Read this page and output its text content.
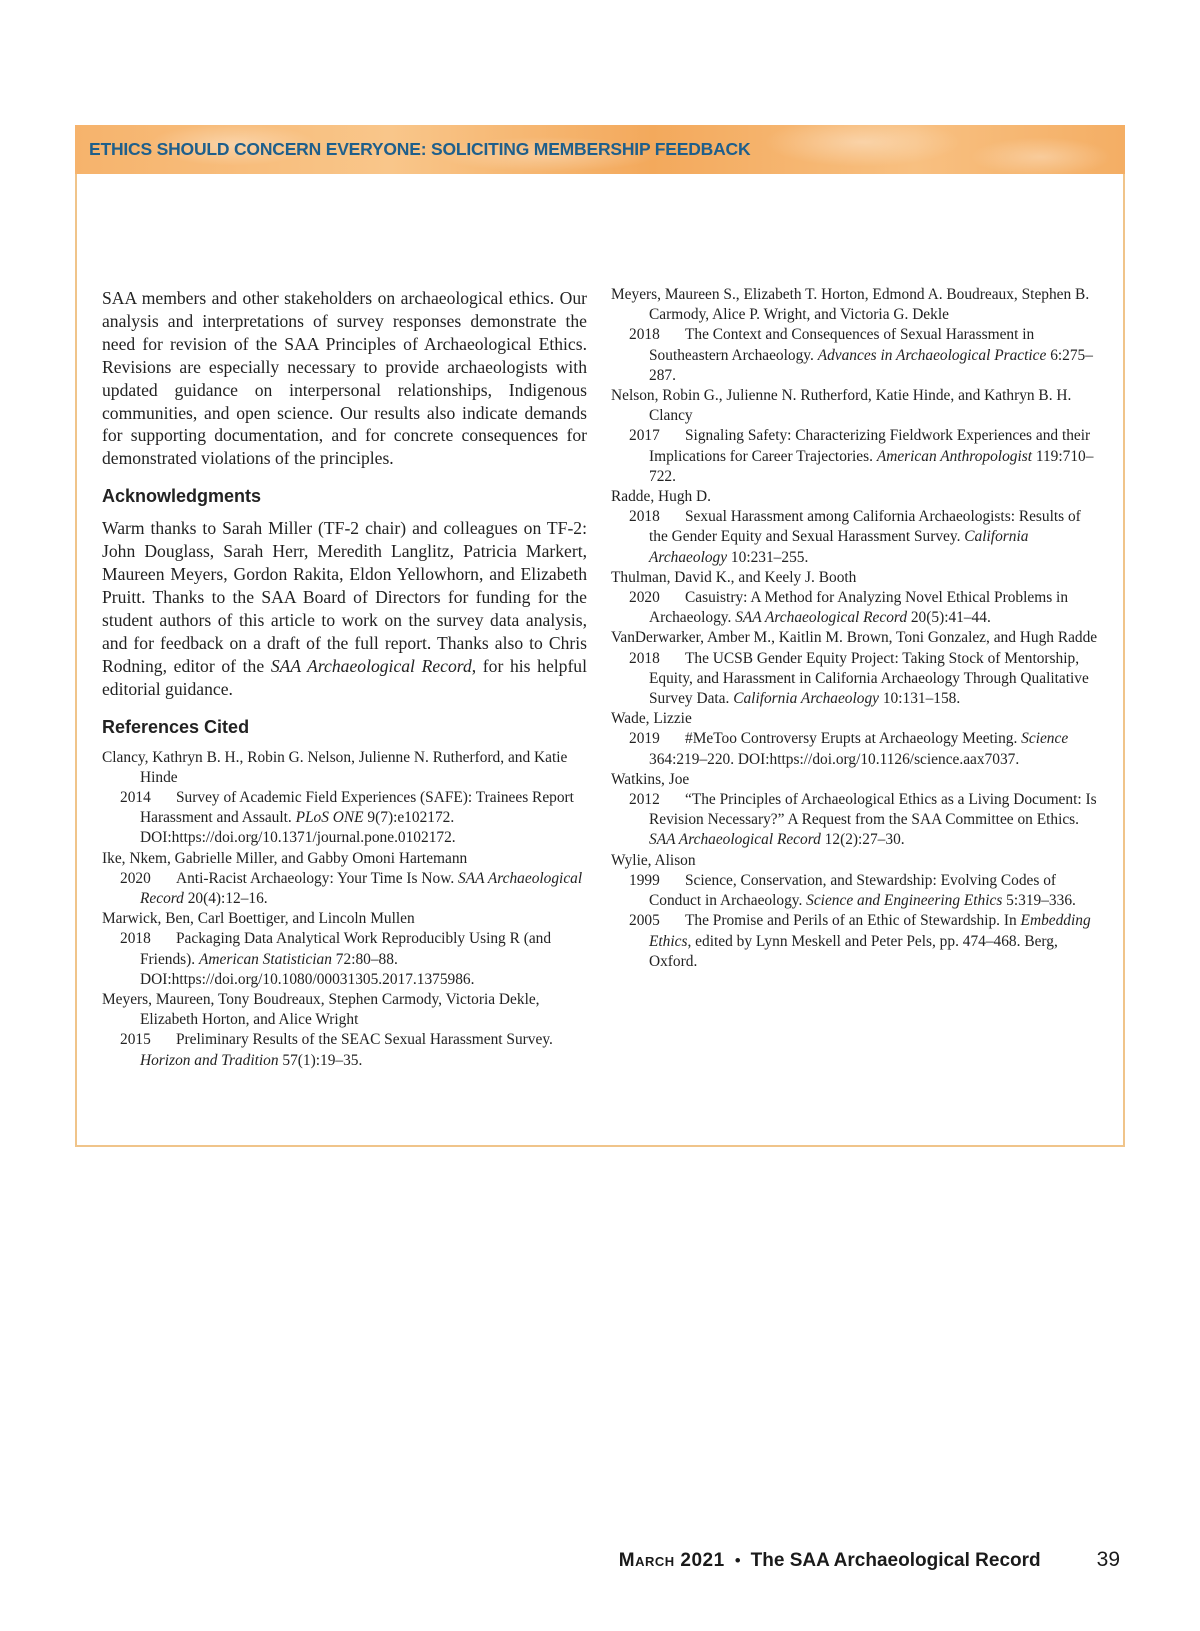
ETHICS SHOULD CONCERN EVERYONE: SOLICITING MEMBERSHIP FEEDBACK

SAA members and other stakeholders on archaeological ethics. Our analysis and interpretations of survey responses demonstrate the need for revision of the SAA Principles of Archaeological Ethics. Revisions are especially necessary to provide archaeologists with updated guidance on interpersonal relationships, Indigenous communities, and open science. Our results also indicate demands for supporting documentation, and for concrete consequences for demonstrated violations of the principles.

Acknowledgments

Warm thanks to Sarah Miller (TF-2 chair) and colleagues on TF-2: John Douglass, Sarah Herr, Meredith Langlitz, Patricia Markert, Maureen Meyers, Gordon Rakita, Eldon Yellowhorn, and Elizabeth Pruitt. Thanks to the SAA Board of Directors for funding for the student authors of this article to work on the survey data analysis, and for feedback on a draft of the full report. Thanks also to Chris Rodning, editor of the SAA Archaeological Record, for his helpful editorial guidance.

References Cited

Clancy, Kathryn B. H., Robin G. Nelson, Julienne N. Rutherford, and Katie Hinde

2014 Survey of Academic Field Experiences (SAFE): Trainees Report Harassment and Assault. PLoS ONE 9(7):e102172. DOI:https://doi.org/10.1371/journal.pone.0102172.

Ike, Nkem, Gabrielle Miller, and Gabby Omoni Hartemann

2020 Anti-Racist Archaeology: Your Time Is Now. SAA Archaeological Record 20(4):12–16.

Marwick, Ben, Carl Boettiger, and Lincoln Mullen

2018 Packaging Data Analytical Work Reproducibly Using R (and Friends). American Statistician 72:80–88. DOI:https://doi.org/10.1080/00031305.2017.1375986.

Meyers, Maureen, Tony Boudreaux, Stephen Carmody, Victoria Dekle, Elizabeth Horton, and Alice Wright

2015 Preliminary Results of the SEAC Sexual Harassment Survey. Horizon and Tradition 57(1):19–35.

Meyers, Maureen S., Elizabeth T. Horton, Edmond A. Boudreaux, Stephen B. Carmody, Alice P. Wright, and Victoria G. Dekle

2018 The Context and Consequences of Sexual Harassment in Southeastern Archaeology. Advances in Archaeological Practice 6:275–287.

Nelson, Robin G., Julienne N. Rutherford, Katie Hinde, and Kathryn B. H. Clancy

2017 Signaling Safety: Characterizing Fieldwork Experiences and their Implications for Career Trajectories. American Anthropologist 119:710–722.

Radde, Hugh D.

2018 Sexual Harassment among California Archaeologists: Results of the Gender Equity and Sexual Harassment Survey. California Archaeology 10:231–255.

Thulman, David K., and Keely J. Booth

2020 Casuistry: A Method for Analyzing Novel Ethical Problems in Archaeology. SAA Archaeological Record 20(5):41–44.

VanDerwarker, Amber M., Kaitlin M. Brown, Toni Gonzalez, and Hugh Radde

2018 The UCSB Gender Equity Project: Taking Stock of Mentorship, Equity, and Harassment in California Archaeology Through Qualitative Survey Data. California Archaeology 10:131–158.

Wade, Lizzie

2019 #MeToo Controversy Erupts at Archaeology Meeting. Science 364:219–220. DOI:https://doi.org/10.1126/science.aax7037.

Watkins, Joe

2012 “The Principles of Archaeological Ethics as a Living Document: Is Revision Necessary?” A Request from the SAA Committee on Ethics. SAA Archaeological Record 12(2):27–30.

Wylie, Alison

1999 Science, Conservation, and Stewardship: Evolving Codes of Conduct in Archaeology. Science and Engineering Ethics 5:319–336.

2005 The Promise and Perils of an Ethic of Stewardship. In Embedding Ethics, edited by Lynn Meskell and Peter Pels, pp. 474–468. Berg, Oxford.

March 2021 • The SAA Archaeological Record	39
